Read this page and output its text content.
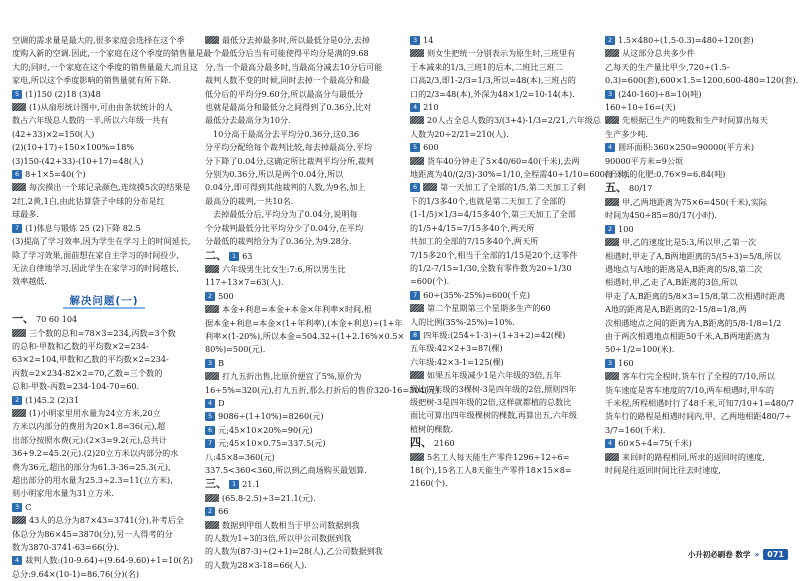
空调的需求量是最大的,很多家庭会选择在这个季
度购入新的空调.因此,一个家庭在这个季度的销售量是最
大的;同时,一个家庭在这个季度的销售量最大,而且这
家电,所以这个季度影响的销售量就有所下降.
5 (1)150 (2)18 (3)48
(1)从扇形统计图中,可由由条状统计的人
数占六年级总人数的一半,所以六年级一共有
(42+33)×2=150(人)
(2)(10+17)÷150×100%=18%
(3)150-(42+33)-(10+17)=48(人)
6 8+1×5=40(个)
每次摸出一个球记录颜色,连续摸5次的结果是
2红,2黄,1白,由此估算袋子中球的分布是红
球最多.
7 (1)体息与锻炼 25 (2)下降 82.5
(3)提高了学习效率,因为学生在学习上的时间延长,
除了学习效果,面前想在家自主学习的时间投少,
无法自律地学习,因此学生在家学习的时间越长,
效率越低.
解决问题(一)
一、 70 60 104
三个数的总和=78×3=234,丙数=3个数
的总和-甲数和乙数的平均数×2=234-
63×2=104,甲数和乙数的平均数×2=234-
丙数=2×234-82×2=70,乙数=三个数的
总和-甲数-丙数=234-104-70=60.
2 (1)45.2 (2)31
(1)小明家里用水量为24立方米,20立
方米以内部分的费用为20×1.8=36(元),超
出部分按照水费(元):(2×3=9.2(元),总共计
36+9.2=45.2(元).(2)20立方米以内部分的水
费为36元,超出的部分为61.3-36=25.3(元),
超出部分的用水量为25.3÷2.3=11(立方米),
则小明家用水量为31立方米.
3 C
43人的总分为87×43=3741(分),补考后全
体总分为86×45=3870(分),另一人得考的分
数为3870-3741-63=66(分).
4 裁判人数:(10-9.64)÷(9.64-9.60)+1=10(名)
总分:9.64×(10-1)=86.76(分)(名)
最低分去掉最多时,所以最低分是0分,去掉
一个最低分后当有可能使得平均分是满的9.68
分,当一个最高分最多时,当最高分减去10分后可能
裁判人数不变的时候,同时去掉一个最高分和最
低分后的平均分9.60分,所以最高分与最低分
也就是最高分和最低分之间得到了0.36分,比对
最低分去最高分为10分.
10分高于最高分去平均分0.36分,这0.36
分平均分配给每个裁判比较,每去掉最高分,平均
分下降了0.04分,这确定所比裁判平均分所,裁判
分别为0.36分,所以是两个0.04分,所以
0.04分,即可得到其他裁判的人数,为9名,加上
最高分的裁判,一共10名.
去掉最低分后,平均分为了0.04分,说明每
个分裁判最低分比平均分少了0.04分,在平均
分最低的裁判给分为了0.36分,为9.28分.
二、 1 63
六年级男生比女生:7:6,所以男生比
117÷13×7=63(人).
2 500
本金+利息=本金+本金×年利率×时间,根
据本金+利息=本金×(1+年利率),(本金+利息)÷(1+年
利率×(1-20%),所以本金=504.32÷(1+2.16%×0.5×
80%)=500(元).
3 B
打九五折出售,比原价便宜了5%,原价为
16÷5%=320(元),打九五折,那么打折后的售价320-16=304(元).
4 D
5 9086÷(1+10%)=8260(元)
6 元;45×10×20%=90(元)
7 元;45×10×0.75=337.5(元)
八:45×8=360(元)
337.5<360<360,所以到乙商场购买最划算.
三、 1 21.1
(65.8-2.5)÷3=21.1(元).
2 66
数据到甲组人数相当于甲公司数据到我
的人数为1÷3的3倍,所以甲公司数据到我
的人数为(87-3)÷(2+1)=28(人),乙公司数据到我
的人数为28×3-18=66(人).
3 14
则女生把统一分别表示为原生时,三班里有
于本减来的1/3,三班1的后本,二班比三班二
口高2/3,即1-2/3=1/3,所以=48(本),三班占的
口的2/3=48(本),外深为48×1/2=10-14(本).
4 210
20人占全总人数的3/(3+4)-1/3=2/21,六年级总
人数为20÷2/21=210(人).
5 600
货车40分钟走了5×40/60=40(千米),去两
地距离为40/(2/3)-30%=1/10,全程需40÷1/10=600(千米).
6	第一天加工了全部的1/5,第二天加工了剩
下的1/3多40个,也就是第二天加工了全部的
(1-1/5)×1/3=4/15多40个,第三天加工了全部
的1/5+4/15=7/15多40个,两天所
共加工的全部的7/15多40个,两天所
7/15多20个,相当于全部的1/15是20个,这零件
的1/2-7/15=1/30,全数有零件数为20÷1/30
=600(个).
7 60÷(35%-25%)=600(千克)
第二个星期第三个星期多生产的60
人的比例(35%-25%)=10%.
8 四年级:(254÷1-3)÷(1+3+2)=42(棵)
五年级:42×2+3=87(棵)
六年级:42×3-1=125(棵)
如果五年级减少1是六年级的3倍,五年
级比四年级的3棵树-3是四年级的2倍,照则四年
级把树-3是四年级的2倍,这样就都植的总数比
面比可算出四年级棵树的棵数,再算出五,六年级
植树的棵数.
四、 2160
5名工人每天能生产零件1296÷12÷6=
18(个),15名工人8天能生产零件18×15×8=
2160(个).
2 1.5×480÷(1.5-0.3)=480÷120(套)
从这部分总共多少件
乙每天的生产量比甲少,720÷(1.5-
0.3)=600(套),600×1.5=1200,600-480=120(套).
3 (240-160)÷8=10(吨)
160÷10÷16=(天)
先根据已生产的吨数和生产时间算出每天
生产多少吨.
4 圆环面积:360×250=90000(平方米)
90000平方米=9公顷
每公顷的化肥:0.76×9=6.84(吨)
五、 80/17
甲,乙两地距离为75×6=450(千米),实际
时间为450÷85=80/17(小时).
2 100
甲,乙的速度比是5:3,所以甲,乙第一次
相遇时,甲走了A,B两地距离的5/(5+3)=5/8,所以
遇地点与A地的距离是A,B距离的5/8,第二次
相遇时,甲,乙走了A,B距离的3倍,所以
甲走了A,B距离的5/8×3=15/8,第二次相遇时距离
A地的距离是A,B距离的2-15/8=1/8,两
次相遇地点之间的距离为A,B距离的5/8-1/8=1/2
由于两次相遇地点相距50千米,A,B两地距离为
50÷1/2=100(米).
3 160
客车行完全程时,货车行了全程的7/10,所以
货车速度是客车速度的7/10,两车相遇时,甲车的
千米程,所程相遇时行了48千米,可知7/10+1=480/7
货车行的路程是相遇时间内,甲、乙两地相距480/7÷
3/7=160(千米).
4 60×5÷4=75(千米)
来回时的路程相同,所求的返回时的速度,
时间是往返回时间比往去时速度,
小升初必刷卷 数学 »	071
